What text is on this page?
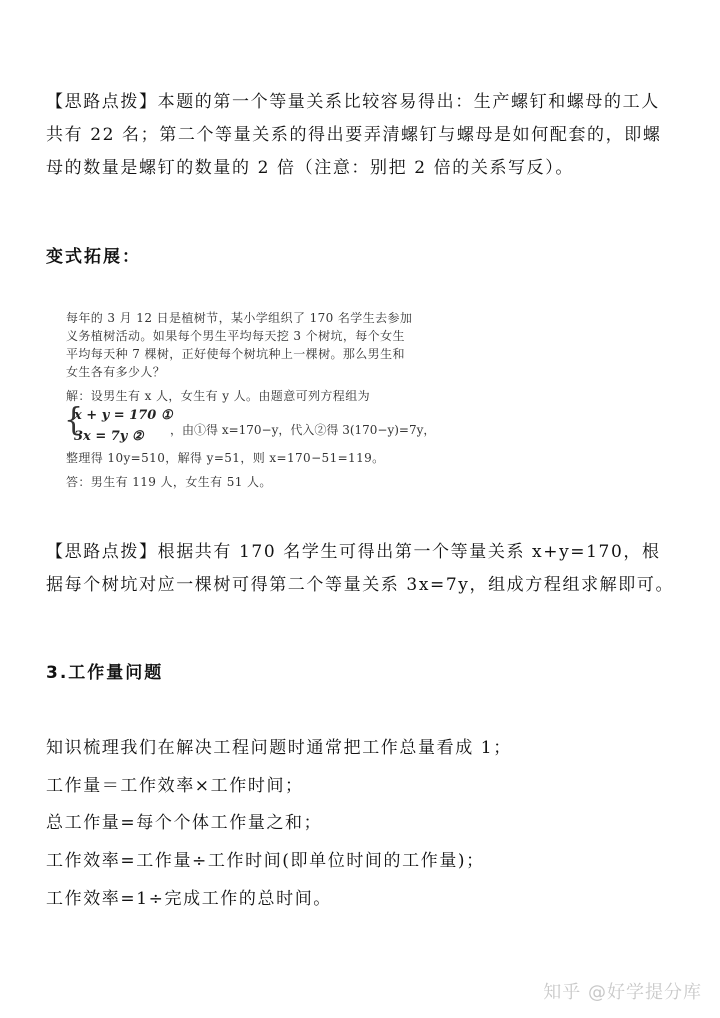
【思路点拨】本题的第一个等量关系比较容易得出：生产螺钉和螺母的工人共有 22 名；第二个等量关系的得出要弄清螺钉与螺母是如何配套的，即螺母的数量是螺钉的数量的 2 倍（注意：别把 2 倍的关系写反）。

变式拓展：

每年的 3 月 12 日是植树节，某小学组织了 170 名学生去参加
义务植树活动。如果每个男生平均每天挖 3 个树坑，每个女生
平均每天种 7 棵树，正好使每个树坑种上一棵树。那么男生和
女生各有多少人？
解：设男生有 x 人，女生有 y 人。由题意可列方程组为
{
x + y = 170 ①
3x = 7y ② ，由①得 x=170−y，代入②得 3(170−y)=7y，
整理得 10y=510，解得 y=51，则 x=170−51=119。
答：男生有 119 人，女生有 51 人。

【思路点拨】根据共有 170 名学生可得出第一个等量关系 x+y=170，根据每个树坑对应一棵树可得第二个等量关系 3x=7y，组成方程组求解即可。

3.工作量问题

知识梳理我们在解决工程问题时通常把工作总量看成 1；

工作量＝工作效率×工作时间；

总工作量=每个个体工作量之和；

工作效率=工作量÷工作时间(即单位时间的工作量)；

工作效率=1÷完成工作的总时间。

知乎 @好学提分库
